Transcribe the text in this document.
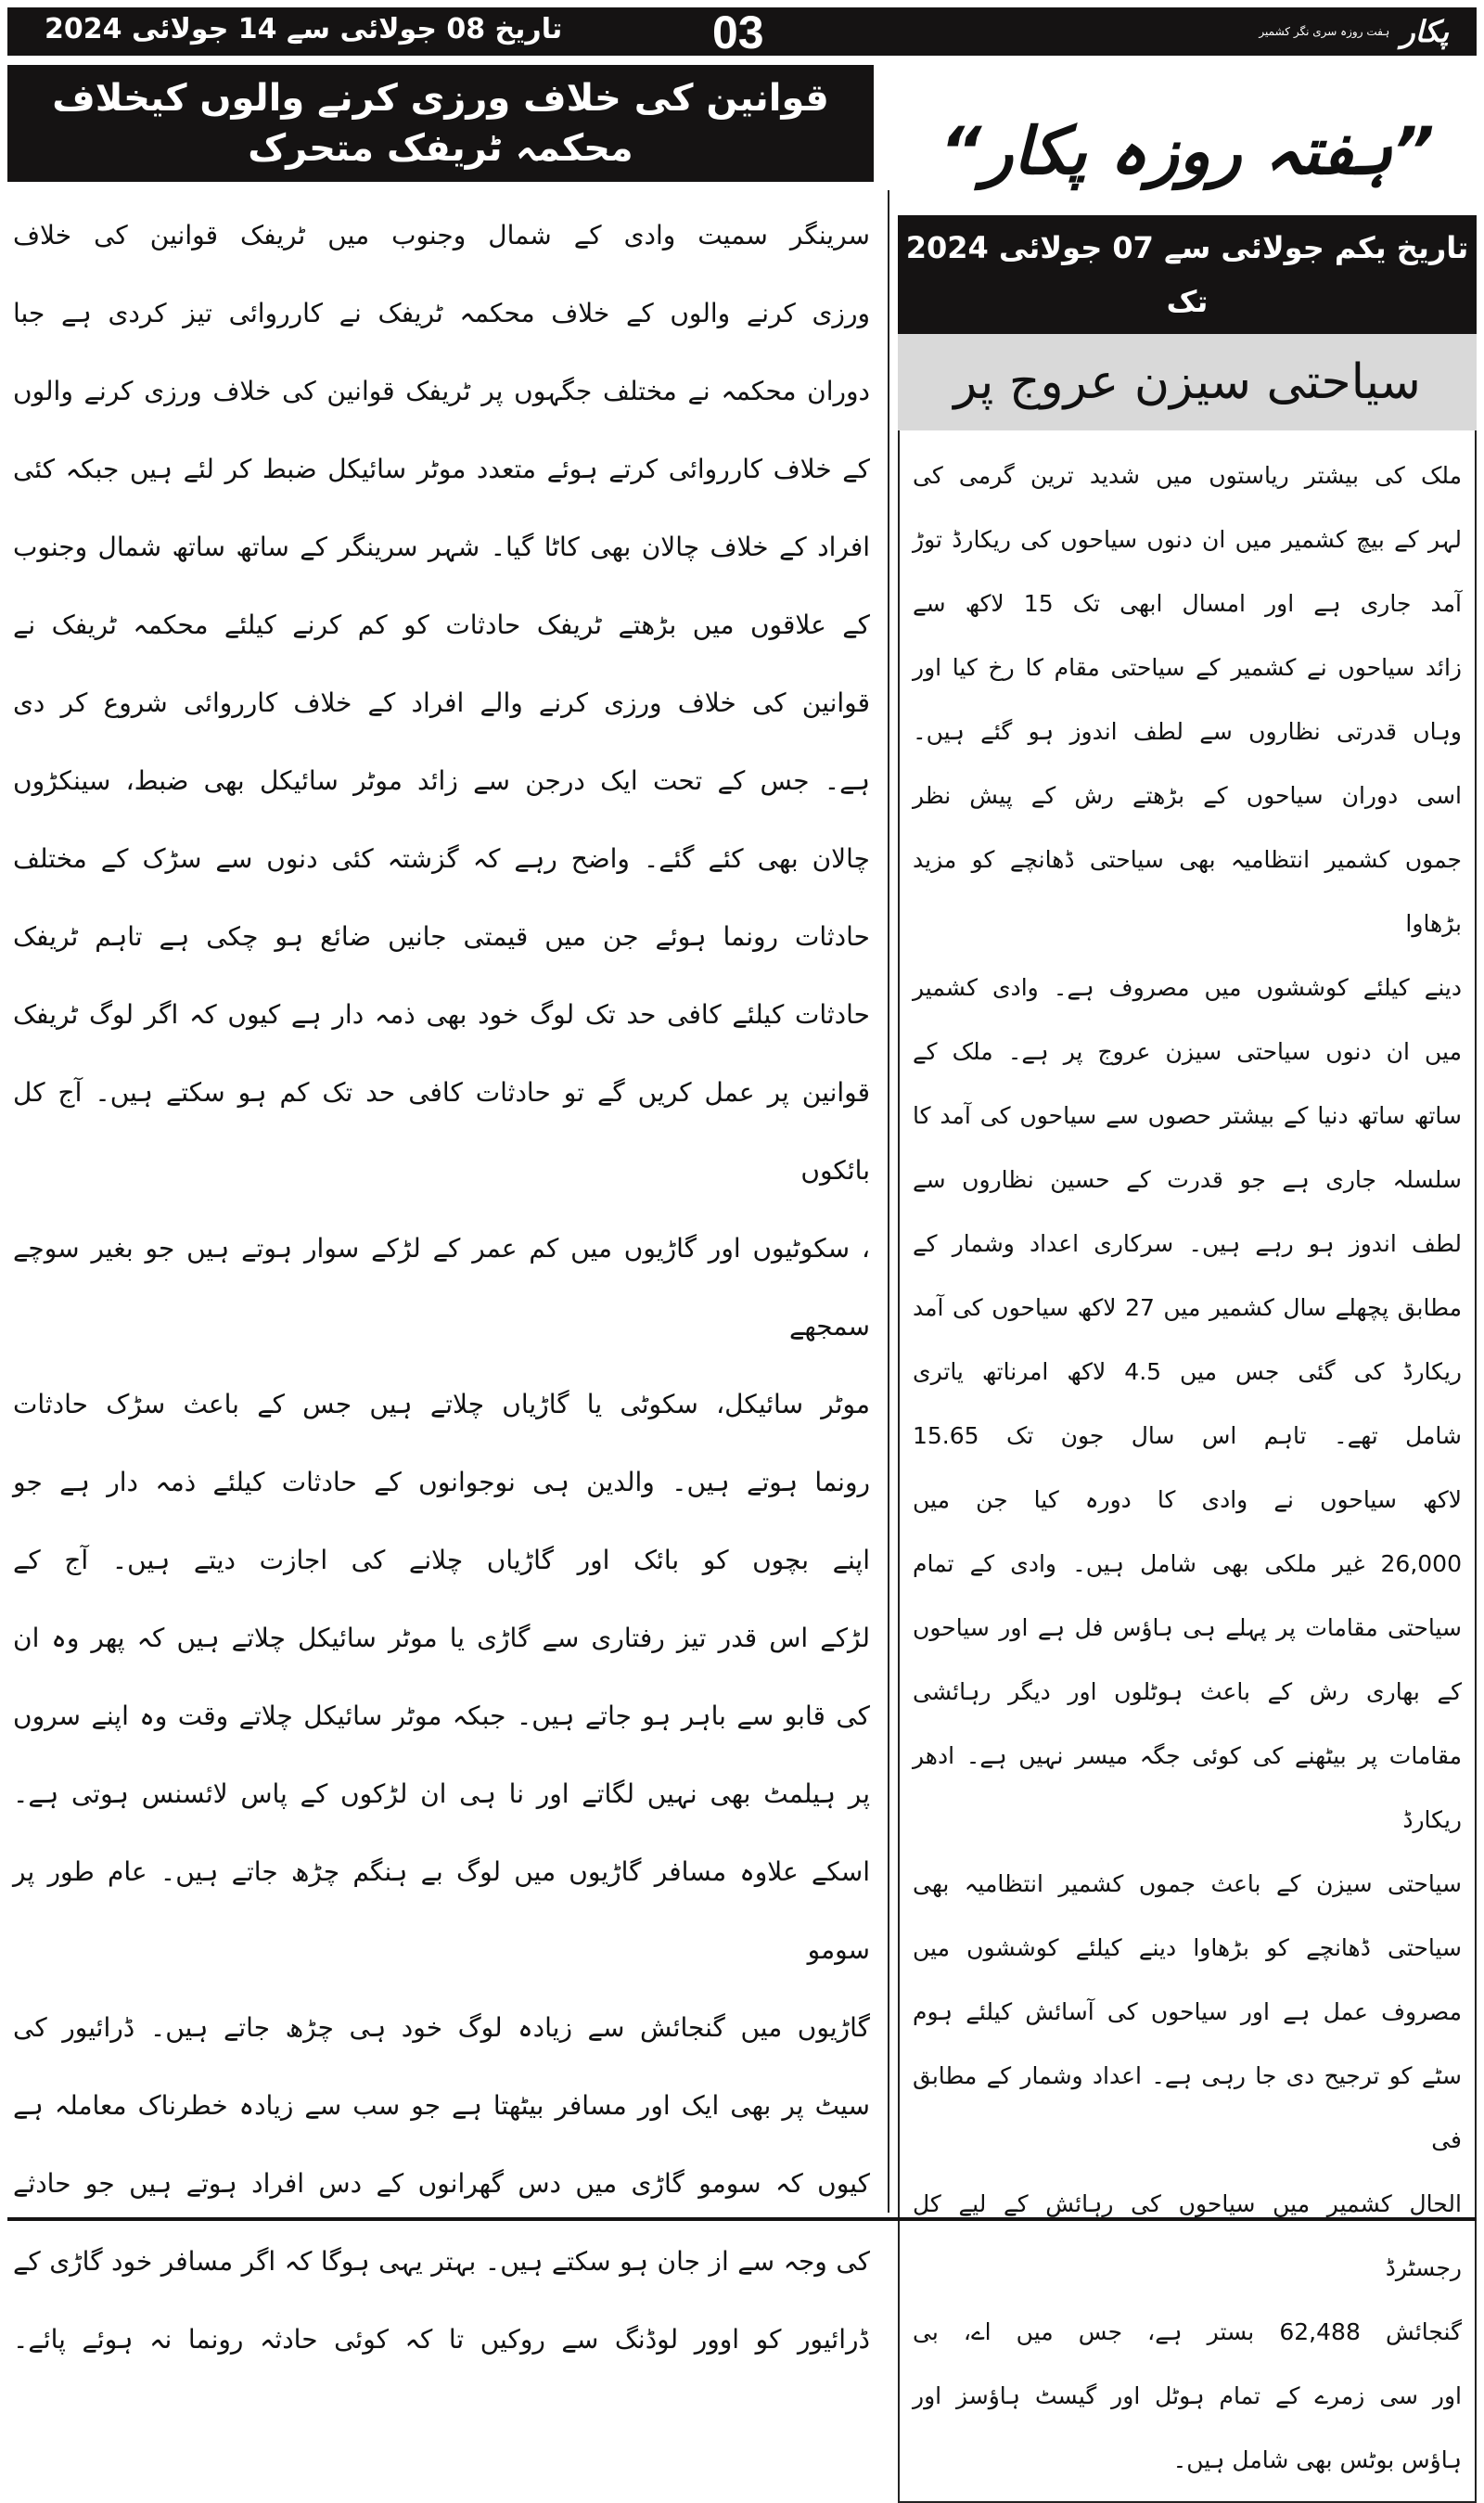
تاریخ 08 جولائی سے 14 جولائی 2024	03	پکار
ہفت روزہ سری نگر کشمیر
قوانین کی خلاف ورزی کرنے والوں کیخلاف محکمہ ٹریفک متحرک
سرینگر سمیت وادی کے شمال وجنوب میں ٹریفک قوانین کی خلاف
ورزی کرنے والوں کے خلاف محکمہ ٹریفک نے کارروائی تیز کردی ہے جبا
دوران محکمہ نے مختلف جگہوں پر ٹریفک قوانین کی خلاف ورزی کرنے والوں
کے خلاف کارروائی کرتے ہوئے متعدد موٹر سائیکل ضبط کر لئے ہیں جبکہ کئی
افراد کے خلاف چالان بھی کاٹا گیا۔ شہر سرینگر کے ساتھ ساتھ شمال وجنوب
کے علاقوں میں بڑھتے ٹریفک حادثات کو کم کرنے کیلئے محکمہ ٹریفک نے
قوانین کی خلاف ورزی کرنے والے افراد کے خلاف کارروائی شروع کر دی
ہے۔ جس کے تحت ایک درجن سے زائد موٹر سائیکل بھی ضبط، سینکڑوں
چالان بھی کئے گئے۔ واضح رہے کہ گزشتہ کئی دنوں سے سڑک کے مختلف
حادثات رونما ہوئے جن میں قیمتی جانیں ضائع ہو چکی ہے تاہم ٹریفک
حادثات کیلئے کافی حد تک لوگ خود بھی ذمہ دار ہے کیوں کہ اگر لوگ ٹریفک
قوانین پر عمل کریں گے تو حادثات کافی حد تک کم ہو سکتے ہیں۔ آج کل بائکوں
، سکوٹیوں اور گاڑیوں میں کم عمر کے لڑکے سوار ہوتے ہیں جو بغیر سوچے سمجھے
موٹر سائیکل، سکوٹی یا گاڑیاں چلاتے ہیں جس کے باعث سڑک حادثات
رونما ہوتے ہیں۔ والدین ہی نوجوانوں کے حادثات کیلئے ذمہ دار ہے جو
اپنے بچوں کو بائک اور گاڑیاں چلانے کی اجازت دیتے ہیں۔ آج کے
لڑکے اس قدر تیز رفتاری سے گاڑی یا موٹر سائیکل چلاتے ہیں کہ پھر وہ ان
کی قابو سے باہر ہو جاتے ہیں۔ جبکہ موٹر سائیکل چلاتے وقت وہ اپنے سروں
پر ہیلمٹ بھی نہیں لگاتے اور نا ہی ان لڑکوں کے پاس لائسنس ہوتی ہے۔
اسکے علاوہ مسافر گاڑیوں میں لوگ بے ہنگم چڑھ جاتے ہیں۔ عام طور پر سومو
گاڑیوں میں گنجائش سے زیادہ لوگ خود ہی چڑھ جاتے ہیں۔ ڈرائیور کی
سیٹ پر بھی ایک اور مسافر بیٹھتا ہے جو سب سے زیادہ خطرناک معاملہ ہے
کیوں کہ سومو گاڑی میں دس گھرانوں کے دس افراد ہوتے ہیں جو حادثے
کی وجہ سے از جان ہو سکتے ہیں۔ بہتر یہی ہوگا کہ اگر مسافر خود گاڑی کے
ڈرائیور کو اوور لوڈنگ سے روکیں تا کہ کوئی حادثہ رونما نہ ہوئے پائے۔
”ہفتہ روزہ پکار“
تاریخ یکم جولائی سے 07 جولائی 2024 تک
سیاحتی سیزن عروج پر
ملک کی بیشتر ریاستوں میں شدید ترین گرمی کی
لہر کے بیچ کشمیر میں ان دنوں سیاحوں کی ریکارڈ توڑ
آمد جاری ہے اور امسال ابھی تک 15 لاکھ سے
زائد سیاحوں نے کشمیر کے سیاحتی مقام کا رخ کیا اور
وہاں قدرتی نظاروں سے لطف اندوز ہو گئے ہیں۔
اسی دوران سیاحوں کے بڑھتے رش کے پیش نظر
جموں کشمیر انتظامیہ بھی سیاحتی ڈھانچے کو مزید بڑھاوا
دینے کیلئے کوششوں میں مصروف ہے۔ وادی کشمیر
میں ان دنوں سیاحتی سیزن عروج پر ہے۔ ملک کے
ساتھ ساتھ دنیا کے بیشتر حصوں سے سیاحوں کی آمد کا
سلسلہ جاری ہے جو قدرت کے حسین نظاروں سے
لطف اندوز ہو رہے ہیں۔ سرکاری اعداد وشمار کے
مطابق پچھلے سال کشمیر میں 27 لاکھ سیاحوں کی آمد
ریکارڈ کی گئی جس میں 4.5 لاکھ امرناتھ یاتری
شامل تھے۔ تاہم اس سال جون تک 15.65
لاکھ سیاحوں نے وادی کا دورہ کیا جن میں
26,000 غیر ملکی بھی شامل ہیں۔ وادی کے تمام
سیاحتی مقامات پر پہلے ہی ہاؤس فل ہے اور سیاحوں
کے بھاری رش کے باعث ہوٹلوں اور دیگر رہائشی
مقامات پر بیٹھنے کی کوئی جگہ میسر نہیں ہے۔ ادھر ریکارڈ
سیاحتی سیزن کے باعث جموں کشمیر انتظامیہ بھی
سیاحتی ڈھانچے کو بڑھاوا دینے کیلئے کوششوں میں
مصروف عمل ہے اور سیاحوں کی آسائش کیلئے ہوم
سٹے کو ترجیح دی جا رہی ہے۔ اعداد وشمار کے مطابق فی
الحال کشمیر میں سیاحوں کی رہائش کے لیے کل رجسٹرڈ
گنجائش 62,488 بستر ہے، جس میں اے، بی
اور سی زمرے کے تمام ہوٹل اور گیسٹ ہاؤسز اور
ہاؤس بوٹس بھی شامل ہیں۔
